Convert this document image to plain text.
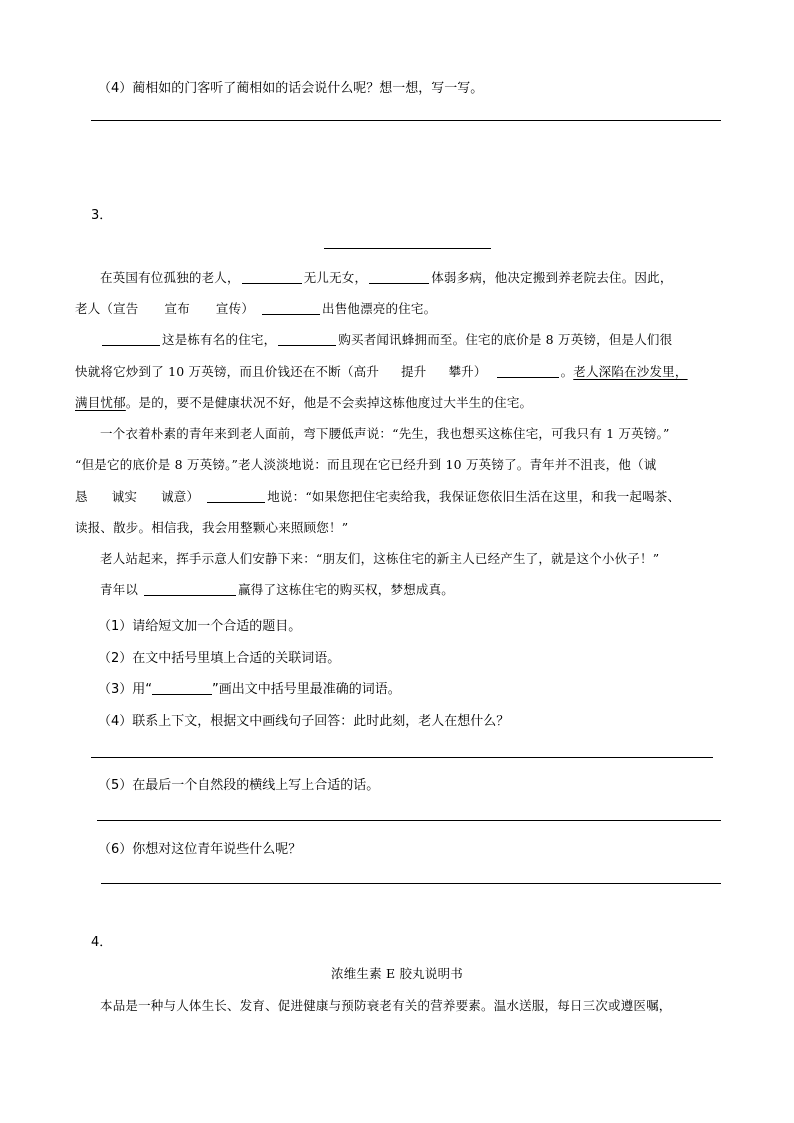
（4）蔺相如的门客听了蔺相如的话会说什么呢？想一想，写一写。
3．
在英国有位孤独的老人，	无儿无女，	体弱多病，他决定搬到养老院去住。因此，
老人（宣告 宣布 宣传）	出售他漂亮的住宅。
这是栋有名的住宅，	购买者闻讯蜂拥而至。住宅的底价是 8 万英镑，但是人们很
快就将它炒到了 10 万英镑，而且价钱还在不断（高升 提升 攀升）	。老人深陷在沙发里，
满目忧郁。是的，要不是健康状况不好，他是不会卖掉这栋他度过大半生的住宅。
一个衣着朴素的青年来到老人面前，弯下腰低声说：“先生，我也想买这栋住宅，可我只有 1 万英镑。”
“但是它的底价是 8 万英镑。”老人淡淡地说：而且现在它已经升到 10 万英镑了。青年并不沮丧，他（诚
恳 诚实 诚意）	地说：“如果您把住宅卖给我，我保证您依旧生活在这里，和我一起喝茶、
读报、散步。相信我，我会用整颗心来照顾您！”
老人站起来，挥手示意人们安静下来：“朋友们，这栋住宅的新主人已经产生了，就是这个小伙子！”
青年以	赢得了这栋住宅的购买权，梦想成真。
（1）请给短文加一个合适的题目。
（2）在文中括号里填上合适的关联词语。
（3）用“	”画出文中括号里最准确的词语。
（4）联系上下文，根据文中画线句子回答：此时此刻，老人在想什么？
（5）在最后一个自然段的横线上写上合适的话。
（6）你想对这位青年说些什么呢？
4．
浓维生素 E 胶丸说明书
本品是一种与人体生长、发育、促进健康与预防衰老有关的营养要素。温水送服，每日三次或遵医嘱，
